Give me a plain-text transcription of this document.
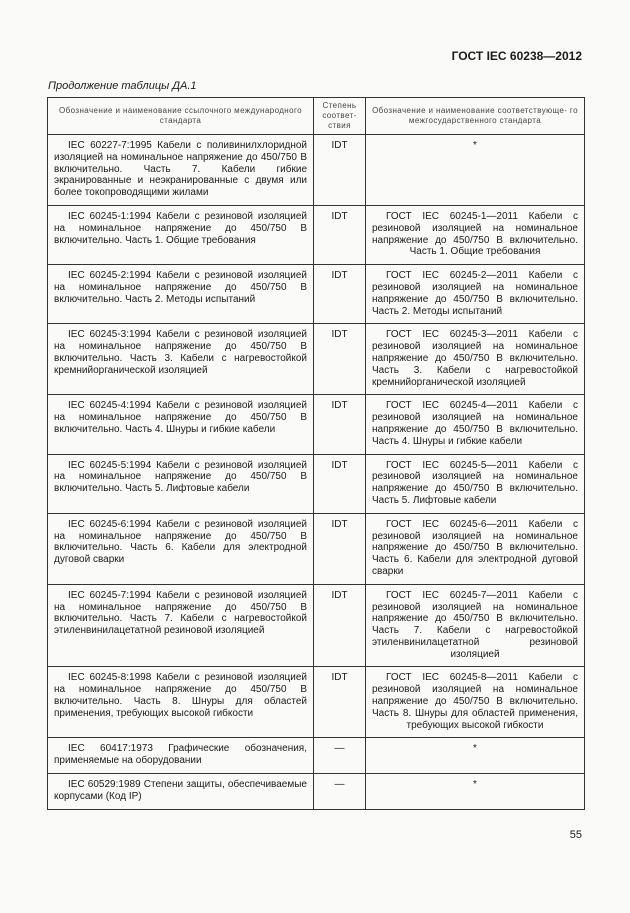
ГОСТ IEC 60238—2012
Продолжение таблицы ДА.1
Обозначение и наименование ссылочного международного стандарта	Степень соответ- ствия	Обозначение и наименование соответствующе- го межгосударственного стандарта
IEC 60227-7:1995 Кабели с поливинилхлоридной изоляцией на номинальное напряжение до 450/750 В включительно. Часть 7. Кабели гибкие экранированные и неэкранированные с двумя или более токопроводящими жилами	IDT	*
IEC 60245-1:1994 Кабели с резиновой изоляцией на номинальное напряжение до 450/750 В включительно. Часть 1. Общие требования	IDT	ГОСТ IEC 60245-1—2011 Кабели с резиновой изоляцией на номинальное напряжение до 450/750 В включительно. Часть 1. Общие требования
IEC 60245-2:1994 Кабели с резиновой изоляцией на номинальное напряжение до 450/750 В включительно. Часть 2. Методы испытаний	IDT	ГОСТ IEC 60245-2—2011 Кабели с резиновой изоляцией на номинальное напряжение до 450/750 В включительно. Часть 2. Методы испытаний
IEC 60245-3:1994 Кабели с резиновой изоляцией на номинальное напряжение до 450/750 В включительно. Часть 3. Кабели с нагревостойкой кремнийорганической изоляцией	IDT	ГОСТ IEC 60245-3—2011 Кабели с резиновой изоляцией на номинальное напряжение до 450/750 В включительно. Часть 3. Кабели с нагревостойкой кремнийорганической изоляцией
IEC 60245-4:1994 Кабели с резиновой изоляцией на номинальное напряжение до 450/750 В включительно. Часть 4. Шнуры и гибкие кабели	IDT	ГОСТ IEC 60245-4—2011 Кабели с резиновой изоляцией на номинальное напряжение до 450/750 В включительно. Часть 4. Шнуры и гибкие кабели
IEC 60245-5:1994 Кабели с резиновой изоляцией на номинальное напряжение до 450/750 В включительно. Часть 5. Лифтовые кабели	IDT	ГОСТ IEC 60245-5—2011 Кабели с резиновой изоляцией на номинальное напряжение до 450/750 В включительно. Часть 5. Лифтовые кабели
IEC 60245-6:1994 Кабели с резиновой изоляцией на номинальное напряжение до 450/750 В включительно. Часть 6. Кабели для электродной дуговой сварки	IDT	ГОСТ IEC 60245-6—2011 Кабели с резиновой изоляцией на номинальное напряжение до 450/750 В включительно. Часть 6. Кабели для электродной дуговой сварки
IEC 60245-7:1994 Кабели с резиновой изоляцией на номинальное напряжение до 450/750 В включительно. Часть 7. Кабели с нагревостойкой этиленвинилацетатной резиновой изоляцией	IDT	ГОСТ IEC 60245-7—2011 Кабели с резиновой изоляцией на номинальное напряжение до 450/750 В включительно. Часть 7. Кабели с нагревостойкой этиленвинилацетатной резиновой изоляцией
IEC 60245-8:1998 Кабели с резиновой изоляцией на номинальное напряжение до 450/750 В включительно. Часть 8. Шнуры для областей применения, требующих высокой гибкости	IDT	ГОСТ IEC 60245-8—2011 Кабели с резиновой изоляцией на номинальное напряжение до 450/750 В включительно. Часть 8. Шнуры для областей применения, требующих высокой гибкости
IEC 60417:1973 Графические обозначения, применяемые на оборудовании	—	*
IEC 60529:1989 Степени защиты, обеспечиваемые корпусами (Код IP)	—	*
55
